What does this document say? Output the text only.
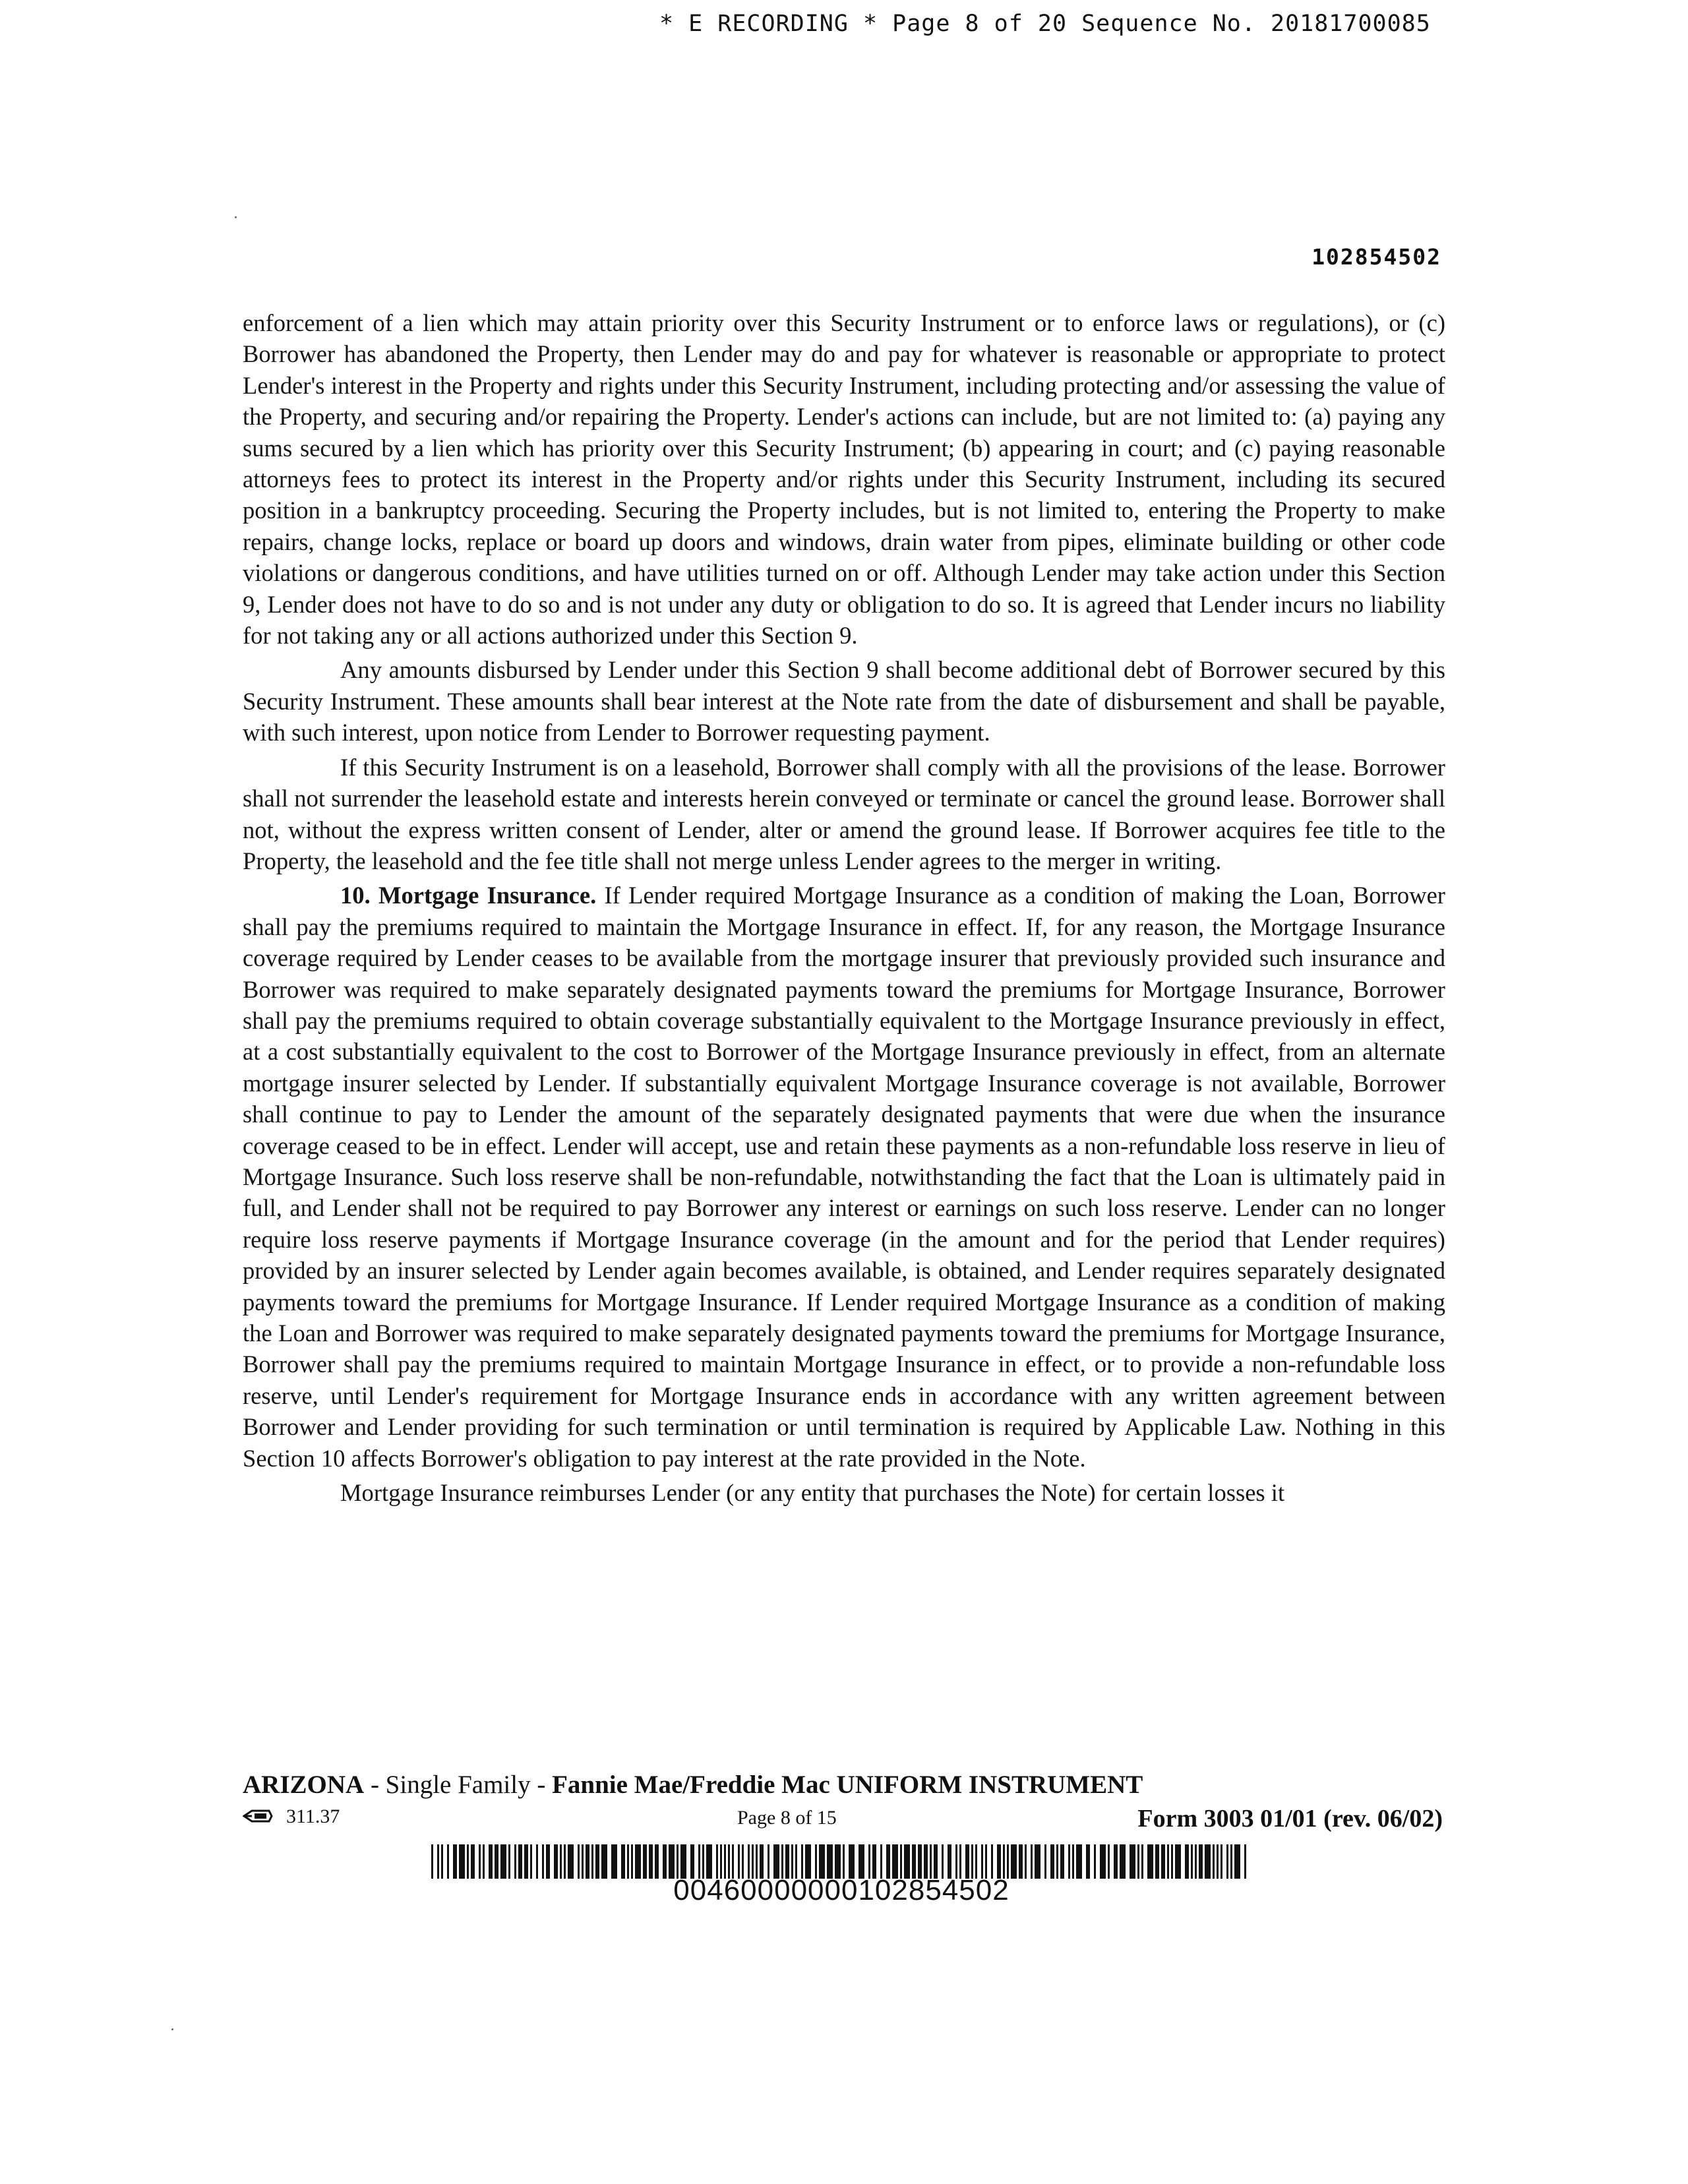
* E RECORDING * Page 8 of 20 Sequence No. 20181700085
102854502

enforcement of a lien which may attain priority over this Security Instrument or to enforce laws or regulations), or (c) Borrower has abandoned the Property, then Lender may do and pay for whatever is reasonable or appropriate to protect Lender's interest in the Property and rights under this Security Instrument, including protecting and/or assessing the value of the Property, and securing and/or repairing the Property. Lender's actions can include, but are not limited to: (a) paying any sums secured by a lien which has priority over this Security Instrument; (b) appearing in court; and (c) paying reasonable attorneys fees to protect its interest in the Property and/or rights under this Security Instrument, including its secured position in a bankruptcy proceeding. Securing the Property includes, but is not limited to, entering the Property to make repairs, change locks, replace or board up doors and windows, drain water from pipes, eliminate building or other code violations or dangerous conditions, and have utilities turned on or off. Although Lender may take action under this Section 9, Lender does not have to do so and is not under any duty or obligation to do so. It is agreed that Lender incurs no liability for not taking any or all actions authorized under this Section 9.

Any amounts disbursed by Lender under this Section 9 shall become additional debt of Borrower secured by this Security Instrument. These amounts shall bear interest at the Note rate from the date of disbursement and shall be payable, with such interest, upon notice from Lender to Borrower requesting payment.

If this Security Instrument is on a leasehold, Borrower shall comply with all the provisions of the lease. Borrower shall not surrender the leasehold estate and interests herein conveyed or terminate or cancel the ground lease. Borrower shall not, without the express written consent of Lender, alter or amend the ground lease. If Borrower acquires fee title to the Property, the leasehold and the fee title shall not merge unless Lender agrees to the merger in writing.

10. Mortgage Insurance. If Lender required Mortgage Insurance as a condition of making the Loan, Borrower shall pay the premiums required to maintain the Mortgage Insurance in effect. If, for any reason, the Mortgage Insurance coverage required by Lender ceases to be available from the mortgage insurer that previously provided such insurance and Borrower was required to make separately designated payments toward the premiums for Mortgage Insurance, Borrower shall pay the premiums required to obtain coverage substantially equivalent to the Mortgage Insurance previously in effect, at a cost substantially equivalent to the cost to Borrower of the Mortgage Insurance previously in effect, from an alternate mortgage insurer selected by Lender. If substantially equivalent Mortgage Insurance coverage is not available, Borrower shall continue to pay to Lender the amount of the separately designated payments that were due when the insurance coverage ceased to be in effect. Lender will accept, use and retain these payments as a non-refundable loss reserve in lieu of Mortgage Insurance. Such loss reserve shall be non-refundable, notwithstanding the fact that the Loan is ultimately paid in full, and Lender shall not be required to pay Borrower any interest or earnings on such loss reserve. Lender can no longer require loss reserve payments if Mortgage Insurance coverage (in the amount and for the period that Lender requires) provided by an insurer selected by Lender again becomes available, is obtained, and Lender requires separately designated payments toward the premiums for Mortgage Insurance. If Lender required Mortgage Insurance as a condition of making the Loan and Borrower was required to make separately designated payments toward the premiums for Mortgage Insurance, Borrower shall pay the premiums required to maintain Mortgage Insurance in effect, or to provide a non-refundable loss reserve, until Lender's requirement for Mortgage Insurance ends in accordance with any written agreement between Borrower and Lender providing for such termination or until termination is required by Applicable Law. Nothing in this Section 10 affects Borrower's obligation to pay interest at the rate provided in the Note.

Mortgage Insurance reimburses Lender (or any entity that purchases the Note) for certain losses it

ARIZONA - Single Family - Fannie Mae/Freddie Mac UNIFORM INSTRUMENT
311.37	Page 8 of 15	Form 3003 01/01 (rev. 06/02)
00460000000102854502
